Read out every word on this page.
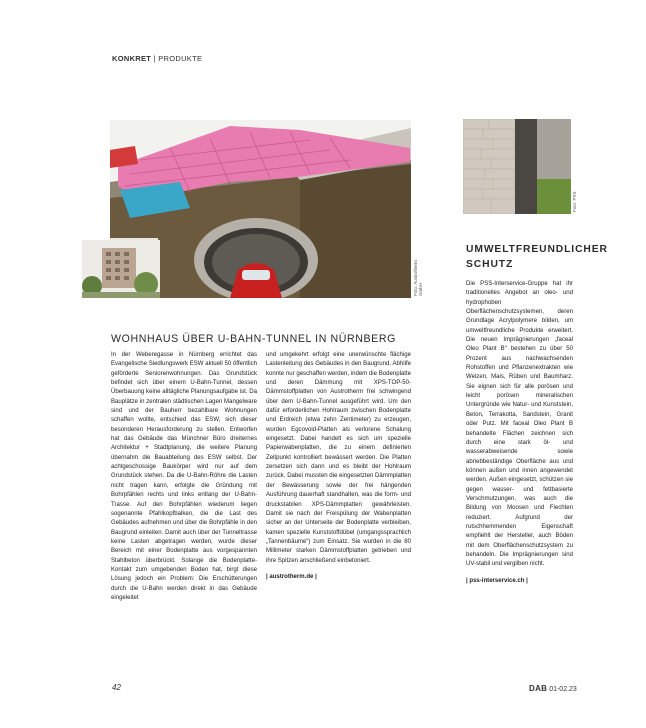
KONKRET | PRODUKTE
Foto: Austrotherm GmbH
Foto: PSS
WOHNHAUS ÜBER U-BAHN-TUNNEL IN NÜRNBERG

In der Weberegasse in Nürnberg errichtet das Evangelische Siedlungswerk ESW aktuell 50 öffentlich geförderte Seniorenwohnungen. Das Grundstück befindet sich über einem U-Bahn-Tunnel, dessen Überbauung keine alltägliche Planungsaufgabe ist. Da Bauplätze in zentralen städtischen Lagen Mangelware sind und der Bauherr bezahlbare Wohnungen schaffen wollte, entschied das ESW, sich dieser besonderen Herausforderung zu stellen. Entworfen hat das Gebäude das Münchner Büro dreiternes Architektur + Stadtplanung, die weitere Planung übernahm die Bauabteilung des ESW selbst. Der achtgeschossige Baukörper wird nur auf dem Grundstück stehen. Da die U-Bahn-Röhre die Lasten nicht tragen kann, erfolgte die Gründung mit Bohrpfählen rechts und links entlang der U-Bahn-Trasse. Auf den Bohrpfählen wiederum liegen sogenannte Pfahlkopfbalken, die die Last des Gebäudes aufnehmen und über die Bohrpfähle in den Baugrund einleiten. Damit auch über der Tunneltrasse keine Lasten abgetragen werden, wurde dieser Bereich mit einer Bodenplatte aus vorgespannten Stahlbeton überbrückt. Solange die Bodenplatte-Kontakt zum umgebenden Boden hat, birgt diese Lösung jedoch ein Problem: Die Erschütterungen durch die U-Bahn werden direkt in das Gebäude eingeleitet

und umgekehrt erfolgt eine unerwünschte flächige Lastenleitung des Gebäudes in den Baugrund. Abhilfe konnte nur geschaffen werden, indem die Bodenplatte und deren Dämmung mit XPS-TOP-50-Dämmstoffplatten von Austrotherm frei schwingend über dem U-Bahn-Tunnel ausgeführt wird. Um den dafür erforderlichen Hohlraum zwischen Bodenplatte und Erdreich (etwa zehn Zentimeter) zu erzeugen, wurden Egcovoid-Platten als verlorene Schalung eingesetzt. Dabei handelt es sich um spezielle Papierwabenplatten, die zu einem definierten Zeitpunkt kontrolliert bewässert werden. Die Platten zersetzen sich dann und es bleibt der Hohlraum zurück. Dabei mussten die eingesetzten Dämmplatten der Bewässerung sowie der frei hängenden Ausführung dauerhaft standhalten, was die form- und druckstabilen XPS-Dämmplatten gewährleisten. Damit sie nach der Freispülung der Wabenplatten sicher an der Unterseite der Bodenplatte verbleiben, kamen spezielle Kunststoffdübel (umgangssprachlich „Tannenbäume“) zum Einsatz. Sie wurden in die 80 Millimeter starken Dämmstoffplatten getrieben und ihre Spitzen anschließend einbetoniert.

| austrotherm.de |

UMWELTFREUNDLICHER SCHUTZ

Die PSS-Interservice-Gruppe hat ihr traditionelles Angebot an oleo- und hydrophoben Oberflächenschutzsystemen, deren Grundlage Acrylpolymere bilden, um umweltfreundliche Produkte erweitert. Die neuen Imprägnierungen „faceal Oleo Plant B“ bestehen zu über 50 Prozent aus nachwachsenden Rohstoffen und Pflanzenextrakten wie Weizen, Mais, Rüben und Baumharz. Sie eignen sich für alle porösen und leicht porösen mineralischen Untergründe wie Natur- und Kunststein, Beton, Terrakotta, Sandstein, Granit oder Putz. Mit faceal Oleo Plant B behandelte Flächen zeichnen sich durch eine stark öl- und wasserabweisende sowie abriebbeständige Oberfläche aus und können außen und innen angewendet werden. Außen eingesetzt, schützen sie gegen wasser- und fettbasierte Verschmutzungen, was auch die Bildung von Moosen und Flechten reduziert. Aufgrund der rutschhemmenden Eigenschaft empfiehlt der Hersteller, auch Böden mit dem Oberflächenschutzsystem zu behandeln. Die Imprägnierungen sind UV-stabil und vergilben nicht.

| pss-interservice.ch |

42	DAB 01-02.23
